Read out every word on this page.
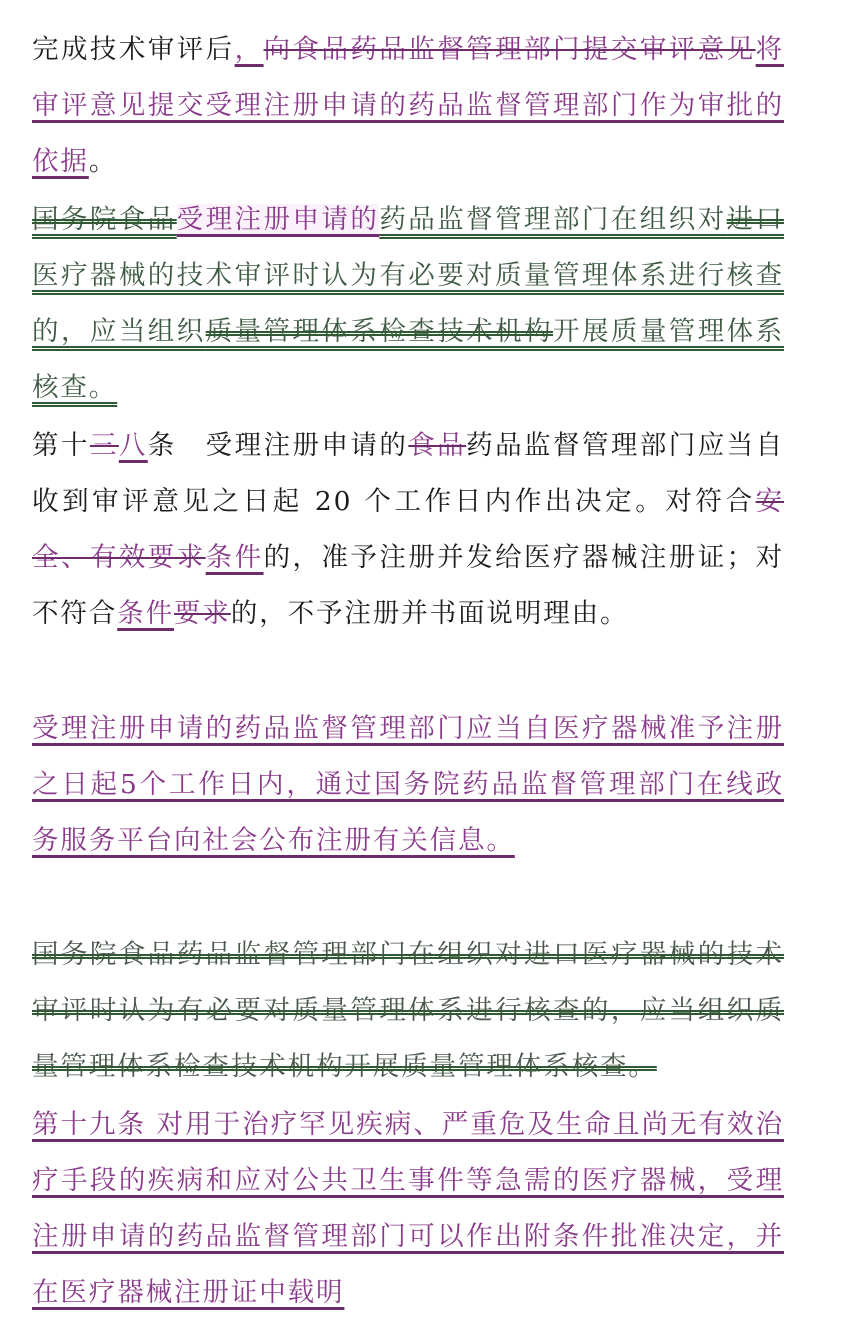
完成技术审评后，向食品药品监督管理部门提交审评意见将审评意见提交受理注册申请的药品监督管理部门作为审批的依据。
国务院食品受理注册申请的药品监督管理部门在组织对进口医疗器械的技术审评时认为有必要对质量管理体系进行核查的，应当组织质量管理体系检查技术机构开展质量管理体系核查。
第十三八条　受理注册申请的食品药品监督管理部门应当自收到审评意见之日起 20 个工作日内作出决定。对符合安全、有效要求条件的，准予注册并发给医疗器械注册证；对不符合条件要求的，不予注册并书面说明理由。
受理注册申请的药品监督管理部门应当自医疗器械准予注册之日起5个工作日内，通过国务院药品监督管理部门在线政务服务平台向社会公布注册有关信息。
国务院食品药品监督管理部门在组织对进口医疗器械的技术审评时认为有必要对质量管理体系进行核查的，应当组织质量管理体系检查技术机构开展质量管理体系核查。
第十九条 对用于治疗罕见疾病、严重危及生命且尚无有效治疗手段的疾病和应对公共卫生事件等急需的医疗器械，受理注册申请的药品监督管理部门可以作出附条件批准决定，并在医疗器械注册证中载明
